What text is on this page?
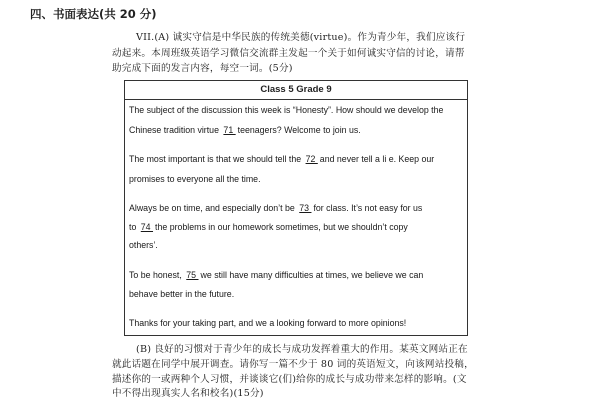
四、书面表达(共 20 分)
VII.(A) 诚实守信是中华民族的传统美德(virtue)。作为青少年，我们应该行
动起来。本周班级英语学习微信交流群主发起一个关于如何诚实守信的讨论，请帮
助完成下面的发言内容，每空一词。(5分)
Class 5 Grade 9
The subject of the discussion this week is “Honesty”. How should we develop the
Chinese tradition virtue 71 teenagers? Welcome to join us.
The most important is that we should tell the 72 and never tell a li e. Keep our
promises to everyone all the time.
Always be on time, and especially don’t be 73 for class. It’s not easy for us
to 74 the problems in our homework sometimes, but we shouldn’t copy
others’.
To be honest, 75 we still have many difficulties at times, we believe we can
behave better in the future.
Thanks for your taking part, and we a looking forward to more opinions!
(B) 良好的习惯对于青少年的成长与成功发挥着重大的作用。某英文网站正在
就此话题在同学中展开调查。请你写一篇不少于 80 词的英语短文，向该网站投稿，
描述你的一或两种个人习惯，并谈谈它(们)给你的成长与成功带来怎样的影响。(文
中不得出现真实人名和校名)(15分)
